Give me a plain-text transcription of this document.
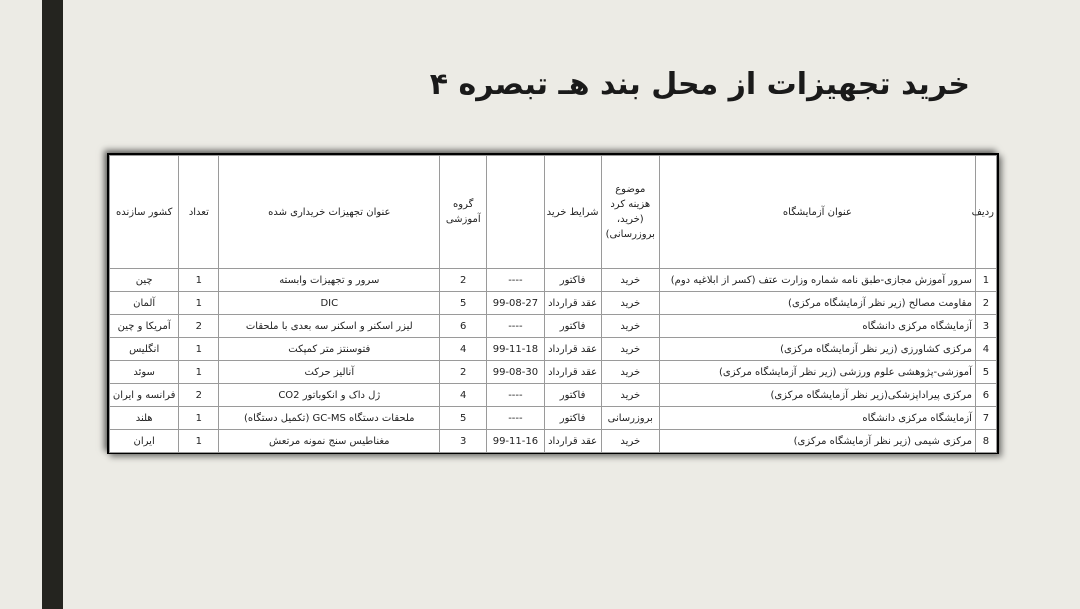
خرید تجهیزات از محل بند هـ تبصره ۴
ردیف	عنوان آزمایشگاه	موضوع هزینه کرد (خرید، بروزرسانی)	شرایط خرید		گروه آموزشی	عنوان تجهیزات خریداری شده	تعداد	کشور سازنده
1	سرور آموزش مجازی-طبق نامه شماره وزارت عتف (کسر از ابلاغیه دوم)	خرید	فاکتور	----	2	سرور و تجهیزات وابسته	1	چین
2	مقاومت مصالح (زیر نظر آزمایشگاه مرکزی)	خرید	عقد قرارداد	99-08-27	5	DIC	1	آلمان
3	آزمایشگاه مرکزی دانشگاه	خرید	فاکتور	----	6	لیزر اسکنر و اسکنر سه بعدی با ملحقات	2	آمریکا و چین
4	مرکزی کشاورزی (زیر نظر آزمایشگاه مرکزی)	خرید	عقد قرارداد	99-11-18	4	فتوسنتز متر کمپکت	1	انگلیس
5	آموزشی-پژوهشی علوم ورزشی (زیر نظر آزمایشگاه مرکزی)	خرید	عقد قرارداد	99-08-30	2	آنالیز حرکت	1	سوئد
6	مرکزی پیراداپزشکی(زیر نظر آزمایشگاه مرکزی)	خرید	فاکتور	----	4	ژل داک و انکوباتور CO2	2	فرانسه و ایران
7	آزمایشگاه مرکزی دانشگاه	بروزرسانی	فاکتور	----	5	ملحقات دستگاه GC-MS (تکمیل دستگاه)	1	هلند
8	مرکزی شیمی (زیر نظر آزمایشگاه مرکزی)	خرید	عقد قرارداد	99-11-16	3	مغناطیس سنج نمونه مرتعش	1	ایران
